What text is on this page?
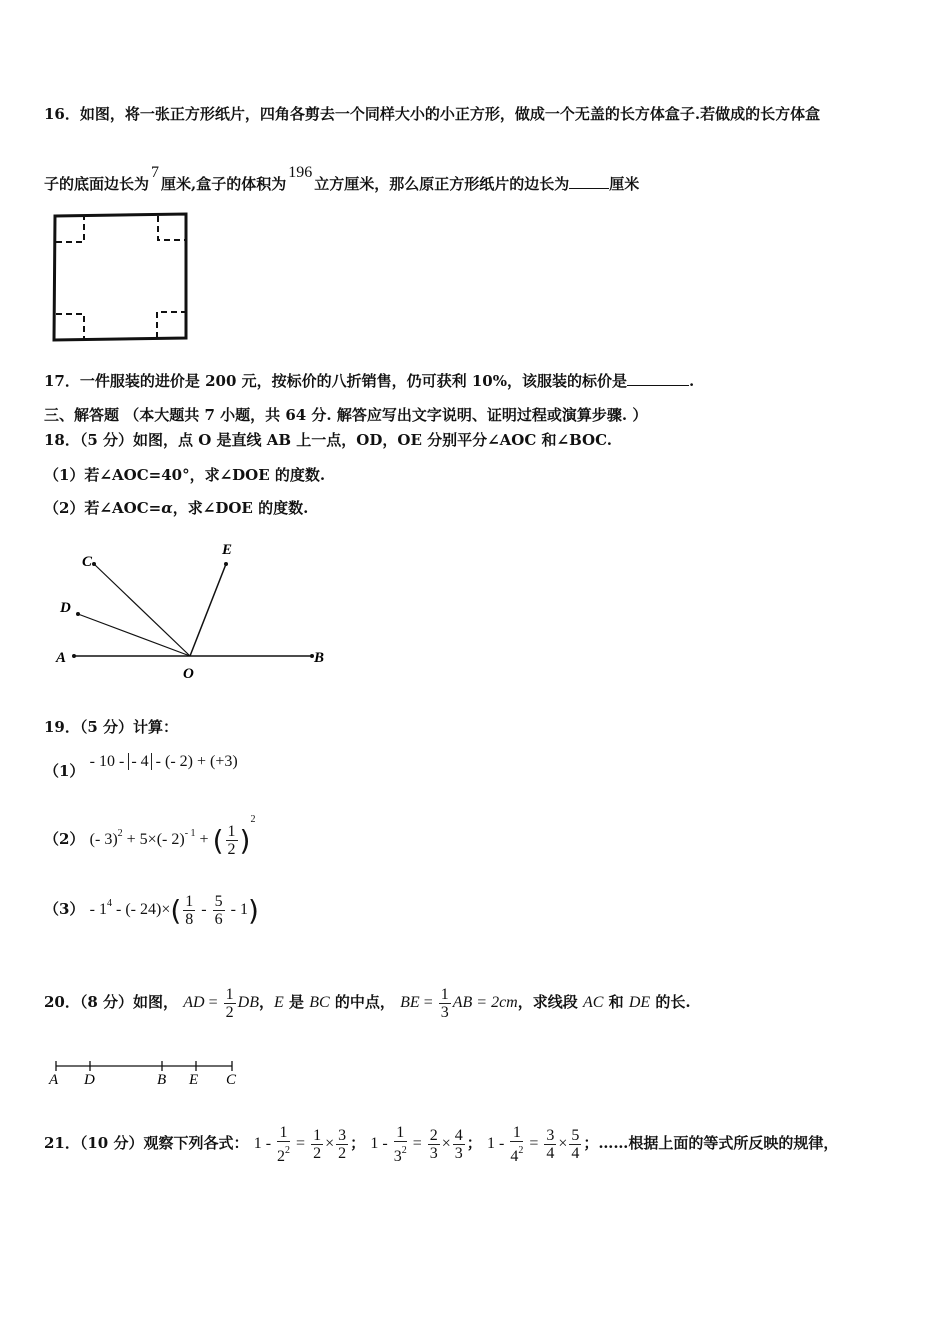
16．如图，将一张正方形纸片，四角各剪去一个同样大小的小正方形，做成一个无盖的长方体盒子.若做成的长方体盒
子的底面边长为7厘米,盒子的体积为196立方厘米，那么原正方形纸片的边长为	厘米
17．一件服装的进价是 200 元，按标价的八折销售，仍可获利 10%，该服装的标价是	.
三、解答题 （本大题共 7 小题，共 64 分. 解答应写出文字说明、证明过程或演算步骤. ）
18．（5 分）如图，点 O 是直线 AB 上一点，OD，OE 分别平分∠AOC 和∠BOC.
（1）若∠AOC=40°，求∠DOE 的度数.
（2）若∠AOC=α，求∠DOE 的度数.
A	B
C
D
E
O
19．（5 分）计算：
（1） - 10 - - 4 - (- 2) + (+3)
（2） (- 3)$^2$ + 5×(- 2)$^{- 1}$ + ( $\frac{1}{2} )^2$
$(3) - 1^4$ - (- $24)\times( \frac{1}{8} - \frac{5}{6} - 1)$
20．（8 分）如图， AD = $\frac{1}{2}$ DB，E 是 BC 的中点， BE = $\frac{1}{3}$ AB = 2cm，求线段 AC 和 DE 的长.
A D	B E C
21．（10 分）观察下列各式： $1 - \frac{1}{2^2} = \frac{1}{2} \times \frac{3}{2}$ ； $1 - \frac{1}{3^2} = \frac{2}{3} \times \frac{4}{3}$ ； $1 - \frac{1}{4^2} = \frac{3}{4} \times \frac{5}{4}$ ；……根据上面的等式所反映的规律，
